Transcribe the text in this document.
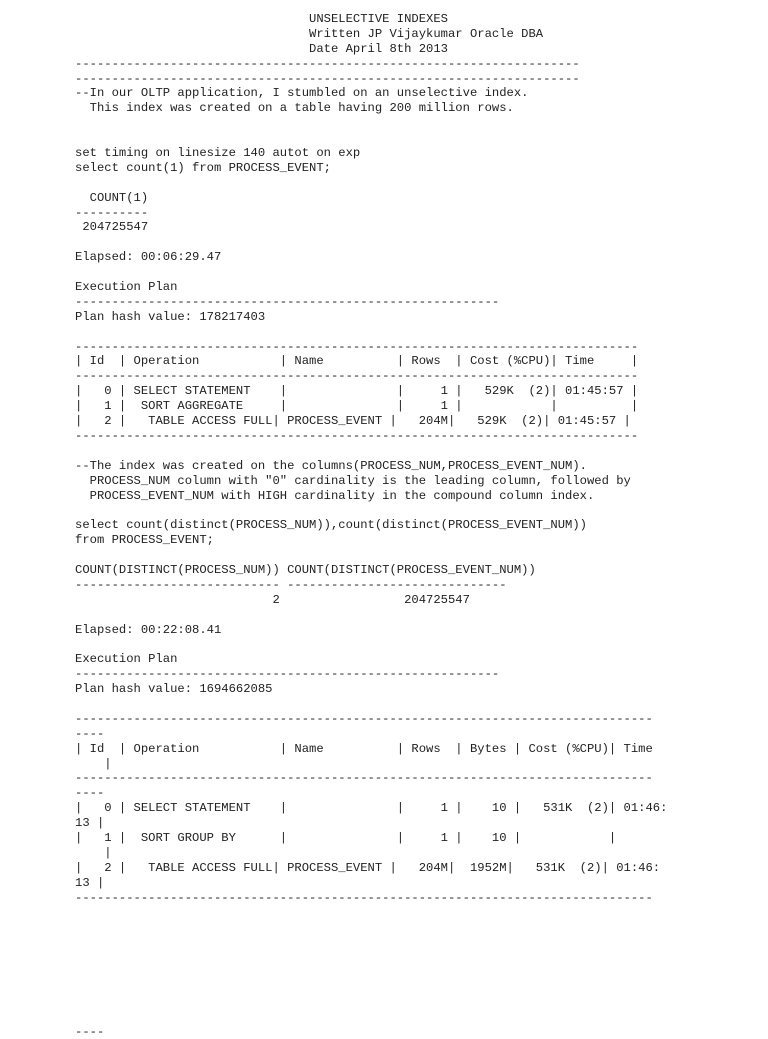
UNSELECTIVE INDEXES
Written JP Vijaykumar Oracle DBA
Date April 8th 2013
---------------------------------------------------------------------
---------------------------------------------------------------------
--In our OLTP application, I stumbled on an unselective index.
This index was created on a table having 200 million rows.
set timing on linesize 140 autot on exp
select count(1) from PROCESS_EVENT;
COUNT(1)
----------
204725547
Elapsed: 00:06:29.47
Execution Plan
----------------------------------------------------------
Plan hash value: 178217403
-----------------------------------------------------------------------------
| Id  | Operation           | Name          | Rows  | Cost (%CPU)| Time     |
-----------------------------------------------------------------------------
|   0 | SELECT STATEMENT    |               |     1 |   529K  (2)| 01:45:57 |
|   1 |  SORT AGGREGATE     |               |     1 |            |          |
|   2 |   TABLE ACCESS FULL| PROCESS_EVENT |   204M|   529K  (2)| 01:45:57 |
-----------------------------------------------------------------------------
--The index was created on the columns(PROCESS_NUM,PROCESS_EVENT_NUM).
PROCESS_NUM column with "0" cardinality is the leading column, followed by
PROCESS_EVENT_NUM with HIGH cardinality in the compound column index.
select count(distinct(PROCESS_NUM)),count(distinct(PROCESS_EVENT_NUM))
from PROCESS_EVENT;
COUNT(DISTINCT(PROCESS_NUM)) COUNT(DISTINCT(PROCESS_EVENT_NUM))
---------------------------- ------------------------------
2                 204725547
Elapsed: 00:22:08.41
Execution Plan
----------------------------------------------------------
Plan hash value: 1694662085
-------------------------------------------------------------------------------
----
| Id  | Operation           | Name          | Rows  | Bytes | Cost (%CPU)| Time
|
-------------------------------------------------------------------------------
----
|   0 | SELECT STATEMENT    |               |     1 |    10 |   531K  (2)| 01:46:
13 |
|   1 |  SORT GROUP BY      |               |     1 |    10 |            |
|
|   2 |   TABLE ACCESS FULL| PROCESS_EVENT |   204M|  1952M|   531K  (2)| 01:46:
13 |
-------------------------------------------------------------------------------
----
